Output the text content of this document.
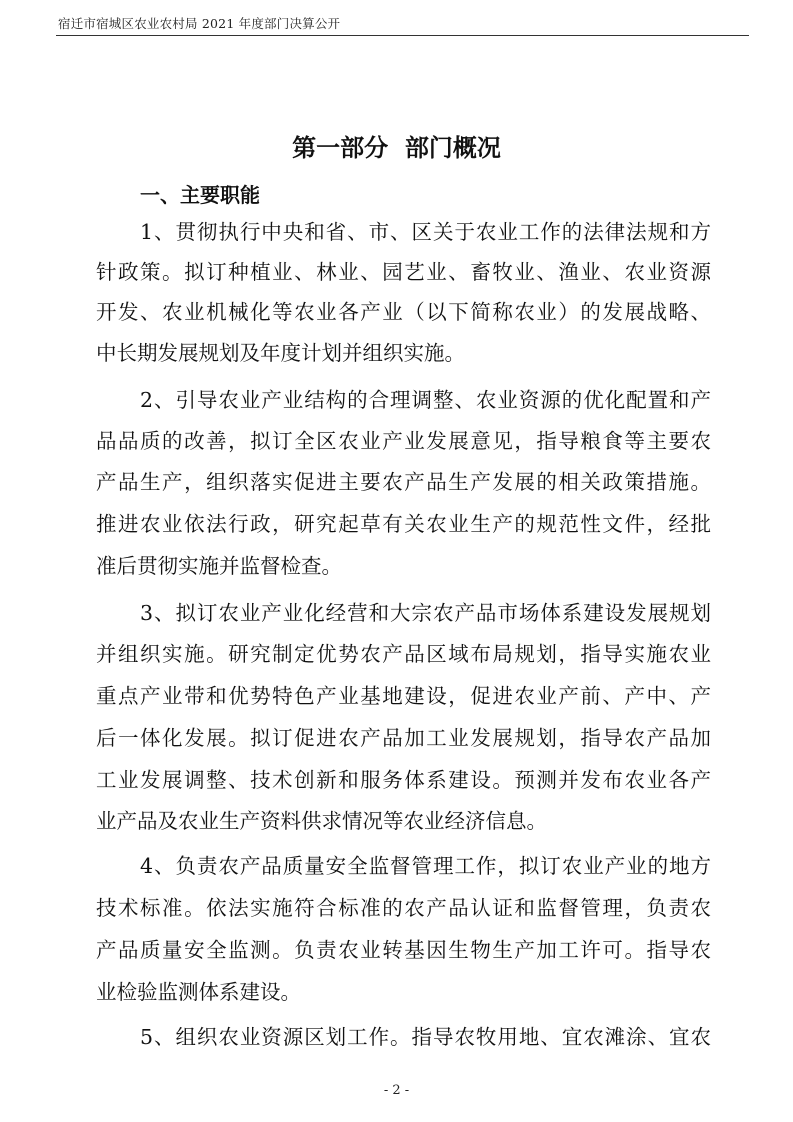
宿迁市宿城区农业农村局 2021 年度部门决算公开
第一部分  部门概况
一、主要职能
1、贯彻执行中央和省、市、区关于农业工作的法律法规和方
针政策。拟订种植业、林业、园艺业、畜牧业、渔业、农业资源
开发、农业机械化等农业各产业（以下简称农业）的发展战略、
中长期发展规划及年度计划并组织实施。
2、引导农业产业结构的合理调整、农业资源的优化配置和产
品品质的改善，拟订全区农业产业发展意见，指导粮食等主要农
产品生产，组织落实促进主要农产品生产发展的相关政策措施。
推进农业依法行政，研究起草有关农业生产的规范性文件，经批
准后贯彻实施并监督检查。
3、拟订农业产业化经营和大宗农产品市场体系建设发展规划
并组织实施。研究制定优势农产品区域布局规划，指导实施农业
重点产业带和优势特色产业基地建设，促进农业产前、产中、产
后一体化发展。拟订促进农产品加工业发展规划，指导农产品加
工业发展调整、技术创新和服务体系建设。预测并发布农业各产
业产品及农业生产资料供求情况等农业经济信息。
4、负责农产品质量安全监督管理工作，拟订农业产业的地方
技术标准。依法实施符合标准的农产品认证和监督管理，负责农
产品质量安全监测。负责农业转基因生物生产加工许可。指导农
业检验监测体系建设。
5、组织农业资源区划工作。指导农牧用地、宜农滩涂、宜农
- 2 -
